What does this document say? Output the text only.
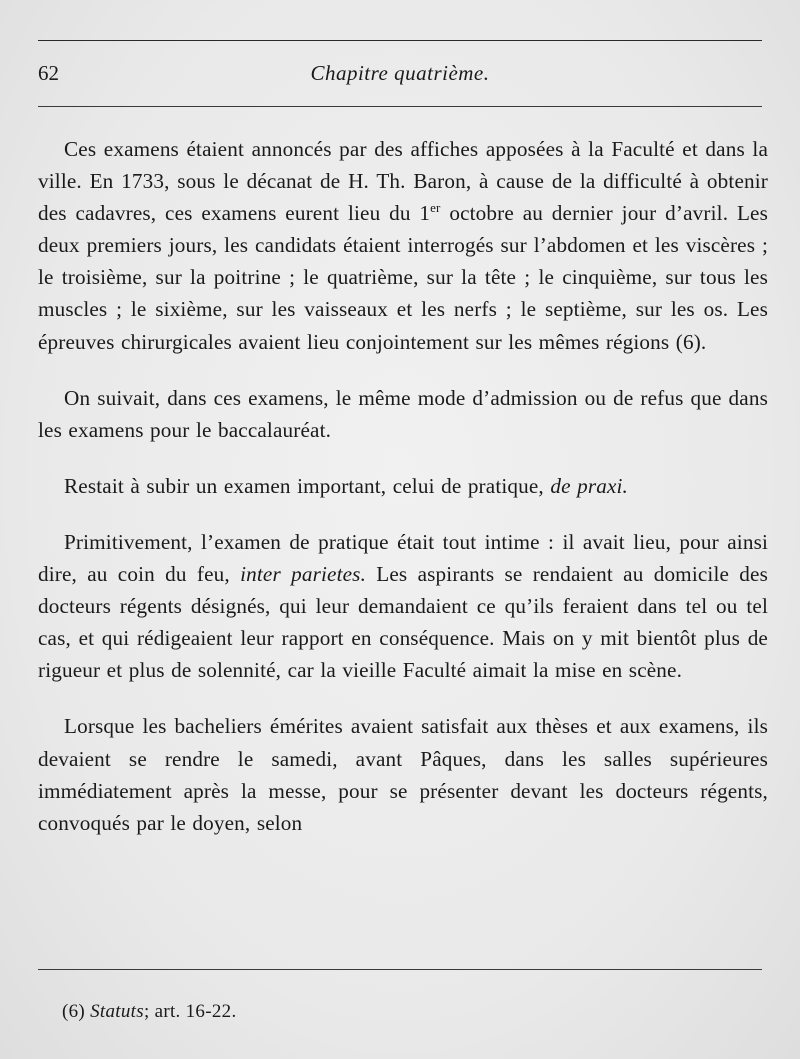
62	Chapitre quatrième.

Ces examens étaient annoncés par des affiches apposées à la Faculté et dans la ville. En 1733, sous le décanat de H. Th. Baron, à cause de la difficulté à obtenir des cadavres, ces examens eurent lieu du 1er octobre au dernier jour d’avril. Les deux premiers jours, les candidats étaient interrogés sur l’abdomen et les viscères ; le troisième, sur la poitrine ; le quatrième, sur la tête ; le cinquième, sur tous les muscles ; le sixième, sur les vaisseaux et les nerfs ; le septième, sur les os. Les épreuves chirurgicales avaient lieu conjointement sur les mêmes régions (6).

On suivait, dans ces examens, le même mode d’admission ou de refus que dans les examens pour le baccalauréat.

Restait à subir un examen important, celui de pratique, de praxi.

Primitivement, l’examen de pratique était tout intime : il avait lieu, pour ainsi dire, au coin du feu, inter parietes. Les aspirants se rendaient au domicile des docteurs régents désignés, qui leur demandaient ce qu’ils feraient dans tel ou tel cas, et qui rédigeaient leur rapport en conséquence. Mais on y mit bientôt plus de rigueur et plus de solennité, car la vieille Faculté aimait la mise en scène.

Lorsque les bacheliers émérites avaient satisfait aux thèses et aux examens, ils devaient se rendre le samedi, avant Pâques, dans les salles supérieures immédiatement après la messe, pour se présenter devant les docteurs régents, convoqués par le doyen, selon

(6) Statuts; art. 16-22.
